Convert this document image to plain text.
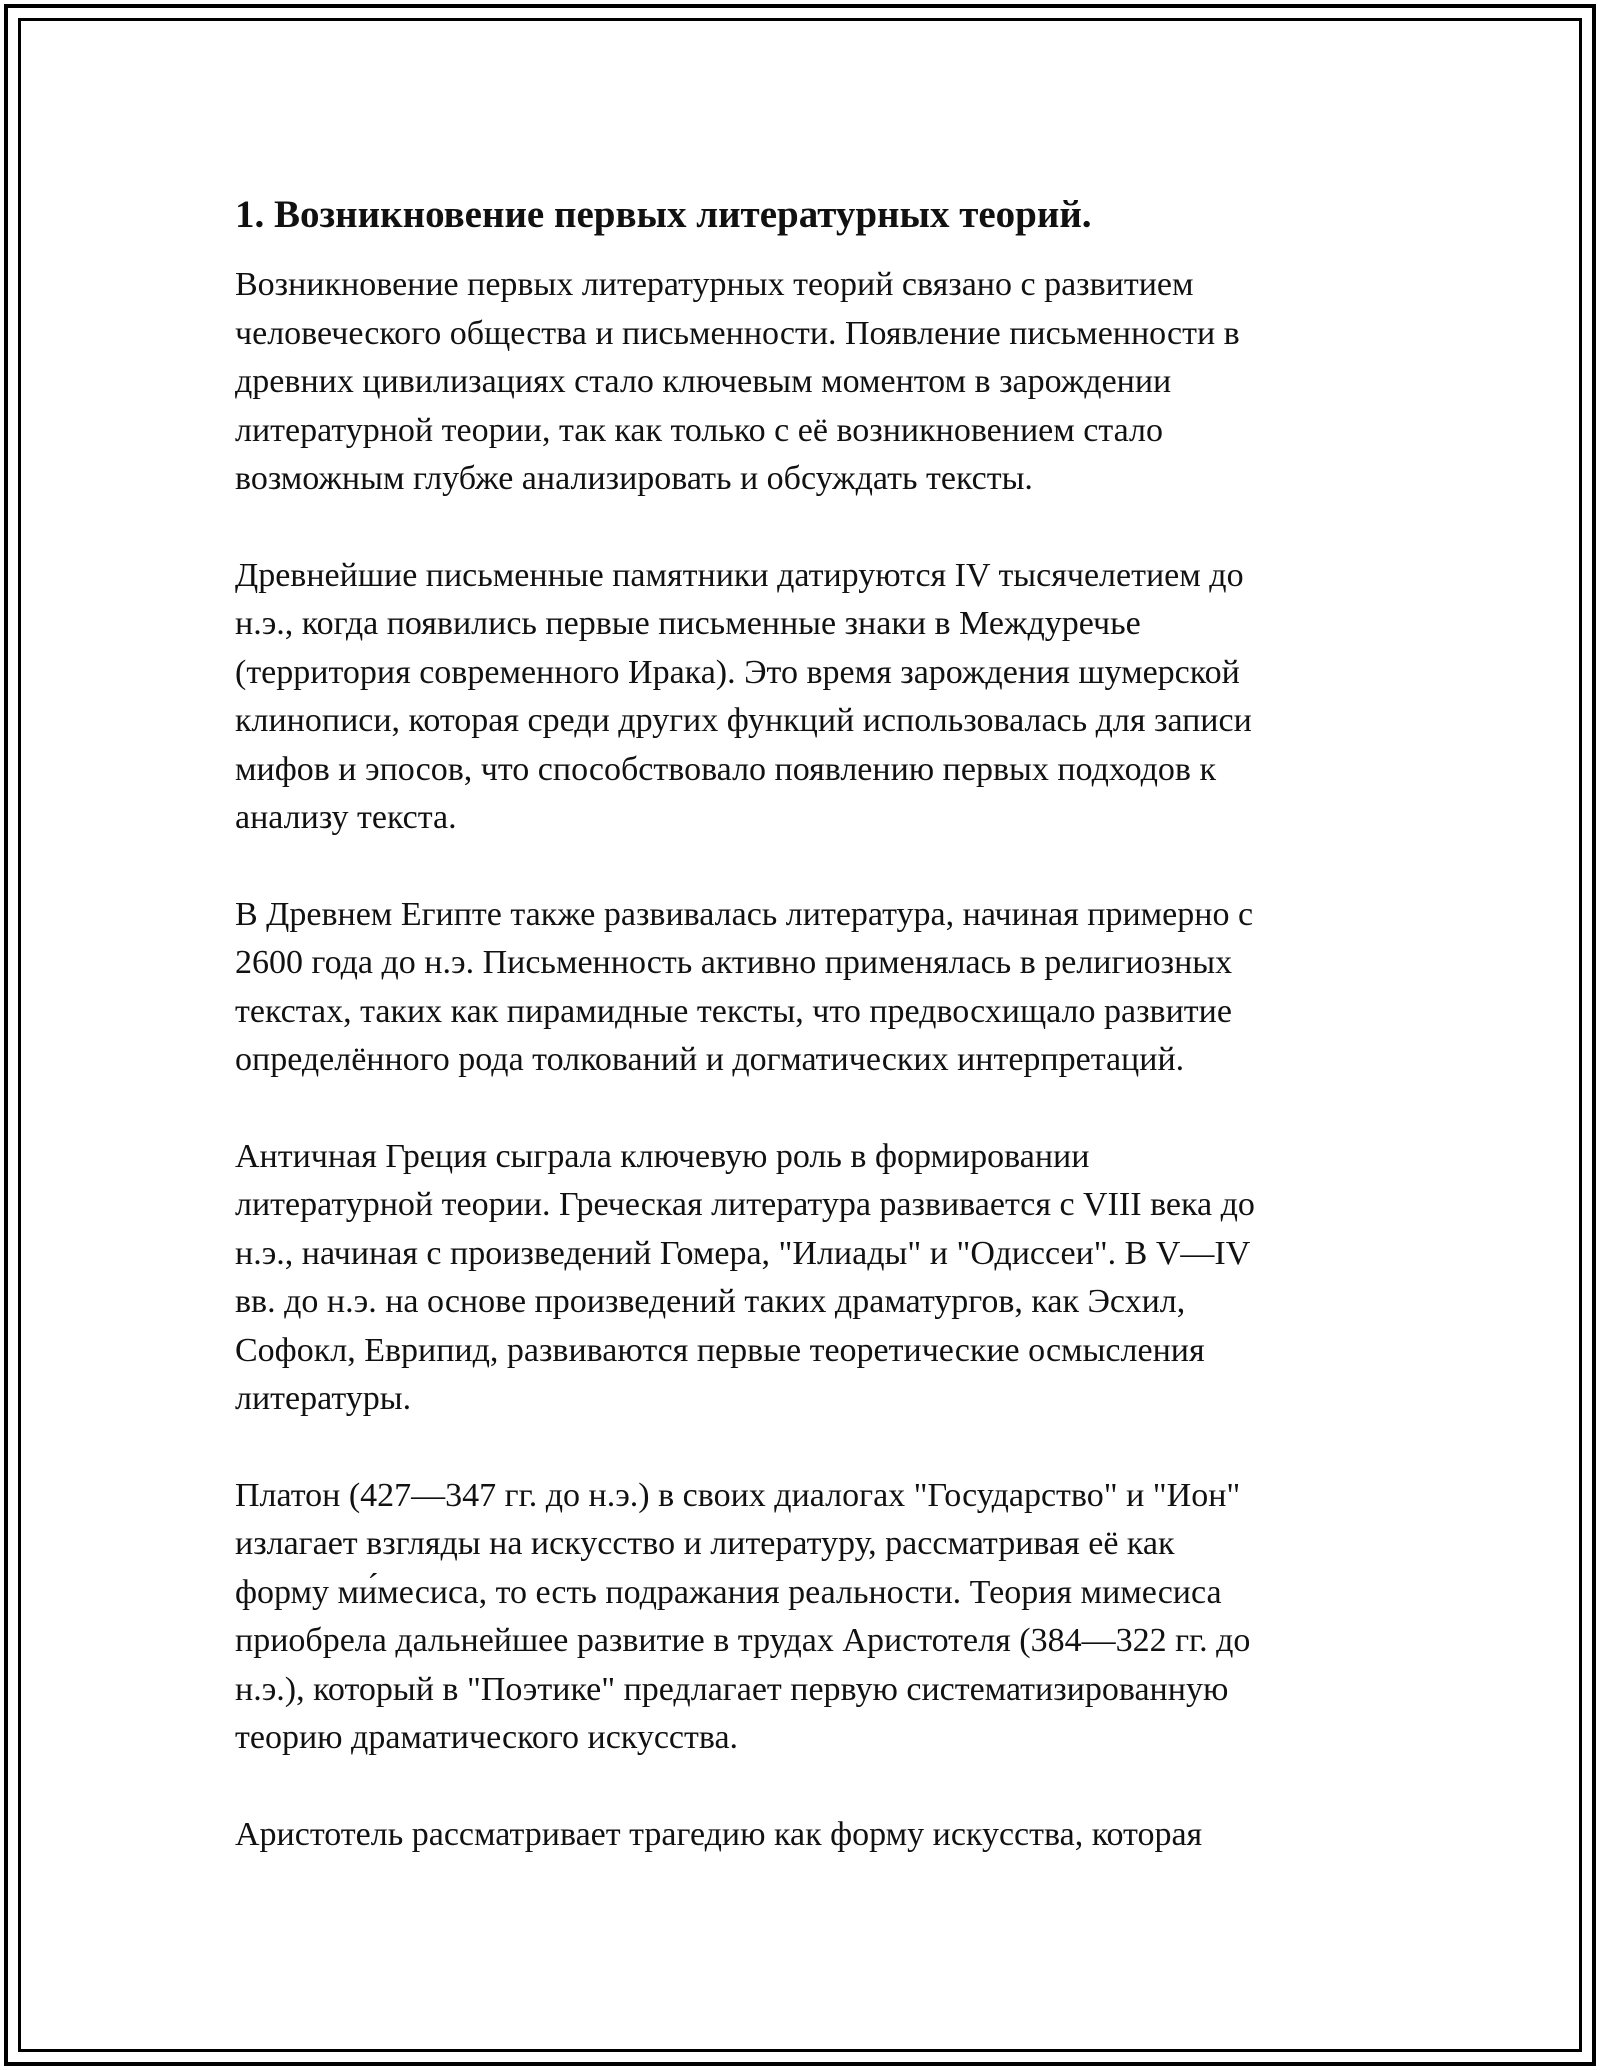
1. Возникновение первых литературных теорий.

Возникновение первых литературных теорий связано с развитием
человеческого общества и письменности. Появление письменности в
древних цивилизациях стало ключевым моментом в зарождении
литературной теории, так как только с её возникновением стало
возможным глубже анализировать и обсуждать тексты.

Древнейшие письменные памятники датируются IV тысячелетием до
н.э., когда появились первые письменные знаки в Междуречье
(территория современного Ирака). Это время зарождения шумерской
клинописи, которая среди других функций использовалась для записи
мифов и эпосов, что способствовало появлению первых подходов к
анализу текста.

В Древнем Египте также развивалась литература, начиная примерно с
2600 года до н.э. Письменность активно применялась в религиозных
текстах, таких как пирамидные тексты, что предвосхищало развитие
определённого рода толкований и догматических интерпретаций.

Античная Греция сыграла ключевую роль в формировании
литературной теории. Греческая литература развивается с VIII века до
н.э., начиная с произведений Гомера, "Илиады" и "Одиссеи". В V—IV
вв. до н.э. на основе произведений таких драматургов, как Эсхил,
Софокл, Еврипид, развиваются первые теоретические осмысления
литературы.

Платон (427—347 гг. до н.э.) в своих диалогах "Государство" и "Ион"
излагает взгляды на искусство и литературу, рассматривая её как
форму ми́месиса, то есть подражания реальности. Теория мимесиса
приобрела дальнейшее развитие в трудах Аристотеля (384—322 гг. до
н.э.), который в "Поэтике" предлагает первую систематизированную
теорию драматического искусства.

Аристотель рассматривает трагедию как форму искусства, которая
